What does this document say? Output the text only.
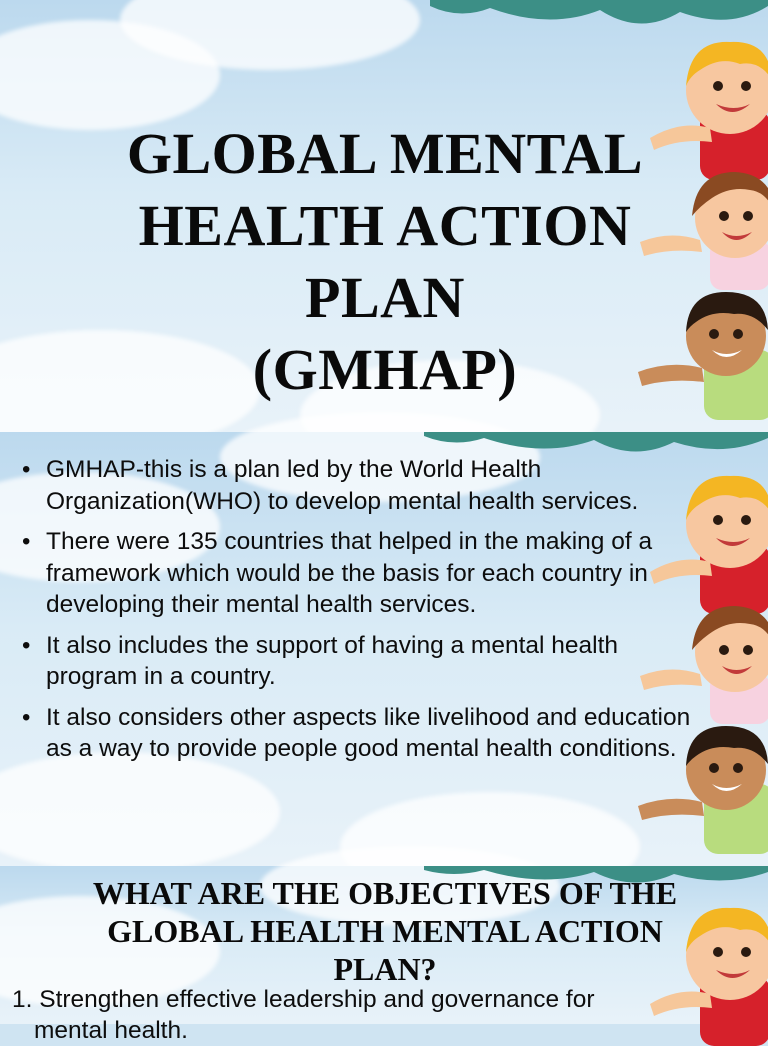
GLOBAL MENTAL
HEALTH ACTION
PLAN
(GMHAP)
• GMHAP-this is a plan led by the World Health Organization(WHO) to develop mental health services.
• There were 135 countries that helped in the making of a framework which would be the basis for each country in developing their mental health services.
• It also includes the support of having a mental health program in a country.
• It also considers other aspects like livelihood and education as a way to provide people good mental health conditions.
WHAT ARE THE OBJECTIVES OF THE
GLOBAL HEALTH MENTAL ACTION
PLAN?
1. Strengthen effective leadership and governance for
mental health.
